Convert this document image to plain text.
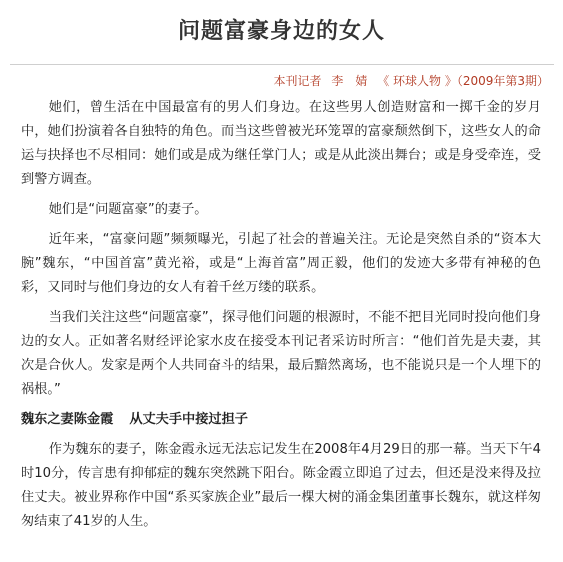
问题富豪身边的女人
本刊记者 李　婧 《 环球人物 》（2009年第3期）

她们，曾生活在中国最富有的男人们身边。在这些男人创造财富和一掷千金的岁月中，她们扮演着各自独特的角色。而当这些曾被光环笼罩的富豪颓然倒下，这些女人的命运与抉择也不尽相同：她们或是成为继任掌门人；或是从此淡出舞台；或是身受牵连，受到警方调查。

她们是“问题富豪”的妻子。

近年来，“富豪问题”频频曝光，引起了社会的普遍关注。无论是突然自杀的“资本大腕”魏东，“中国首富”黄光裕，或是“上海首富”周正毅，他们的发迹大多带有神秘的色彩，又同时与他们身边的女人有着千丝万缕的联系。

当我们关注这些“问题富豪”，探寻他们问题的根源时，不能不把目光同时投向他们身边的女人。正如著名财经评论家水皮在接受本刊记者采访时所言：“他们首先是夫妻，其次是合伙人。发家是两个人共同奋斗的结果，最后黯然离场，也不能说只是一个人埋下的祸根。”

魏东之妻陈金霞 从丈夫手中接过担子

作为魏东的妻子，陈金霞永远无法忘记发生在2008年4月29日的那一幕。当天下午4时10分，传言患有抑郁症的魏东突然跳下阳台。陈金霞立即追了过去，但还是没来得及拉住丈夫。被业界称作中国“系买家族企业”最后一棵大树的涌金集团董事长魏东，就这样匆匆结束了41岁的人生。
